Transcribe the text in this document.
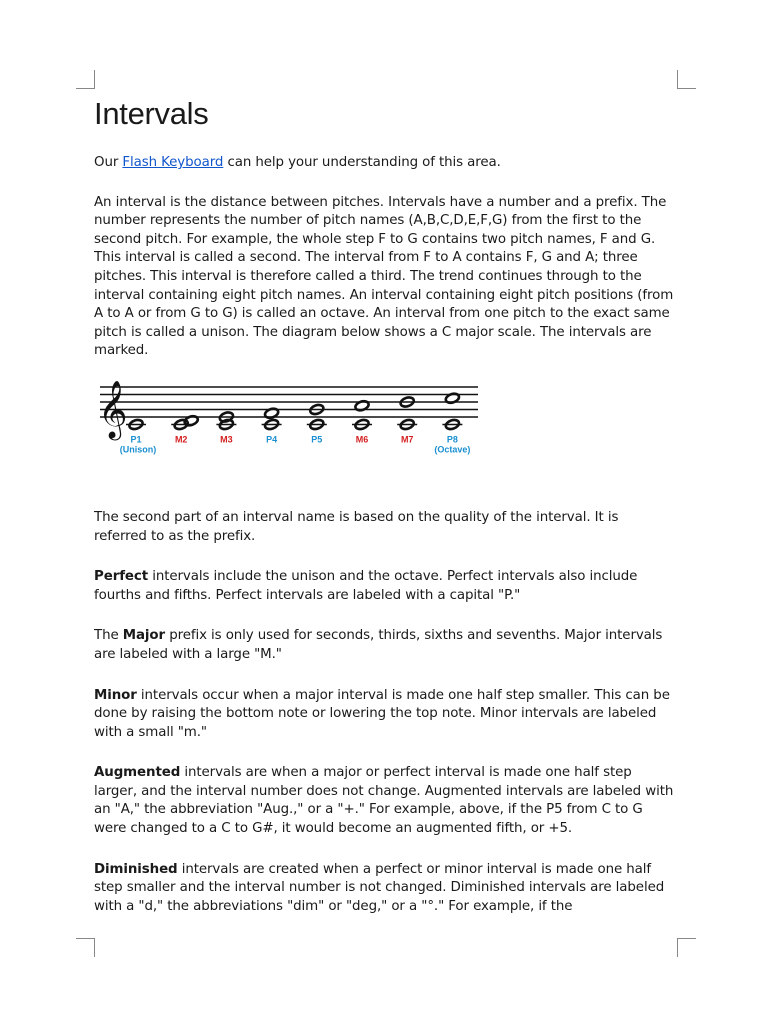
Intervals

Our Flash Keyboard can help your understanding of this area.

An interval is the distance between pitches. Intervals have a number and a prefix. The number represents the number of pitch names (A,B,C,D,E,F,G) from the first to the second pitch. For example, the whole step F to G contains two pitch names, F and G. This interval is called a second. The interval from F to A contains F, G and A; three pitches. This interval is therefore called a third. The trend continues through to the interval containing eight pitch names. An interval containing eight pitch positions (from A to A or from G to G) is called an octave. An interval from one pitch to the exact same pitch is called a unison. The diagram below shows a C major scale. The intervals are marked.

𝄞
P1
(Unison)
M2	M3	P4	P5	M6	M7	P8
(Octave)

The second part of an interval name is based on the quality of the interval. It is referred to as the prefix.

Perfect intervals include the unison and the octave. Perfect intervals also include fourths and fifths. Perfect intervals are labeled with a capital "P."

The Major prefix is only used for seconds, thirds, sixths and sevenths. Major intervals are labeled with a large "M."

Minor intervals occur when a major interval is made one half step smaller. This can be done by raising the bottom note or lowering the top note. Minor intervals are labeled with a small "m."

Augmented intervals are when a major or perfect interval is made one half step larger, and the interval number does not change. Augmented intervals are labeled with an "A," the abbreviation "Aug.," or a "+." For example, above, if the P5 from C to G were changed to a C to G#, it would become an augmented fifth, or +5.

Diminished intervals are created when a perfect or minor interval is made one half step smaller and the interval number is not changed. Diminished intervals are labeled with a "d," the abbreviations "dim" or "deg," or a "°." For example, if the
